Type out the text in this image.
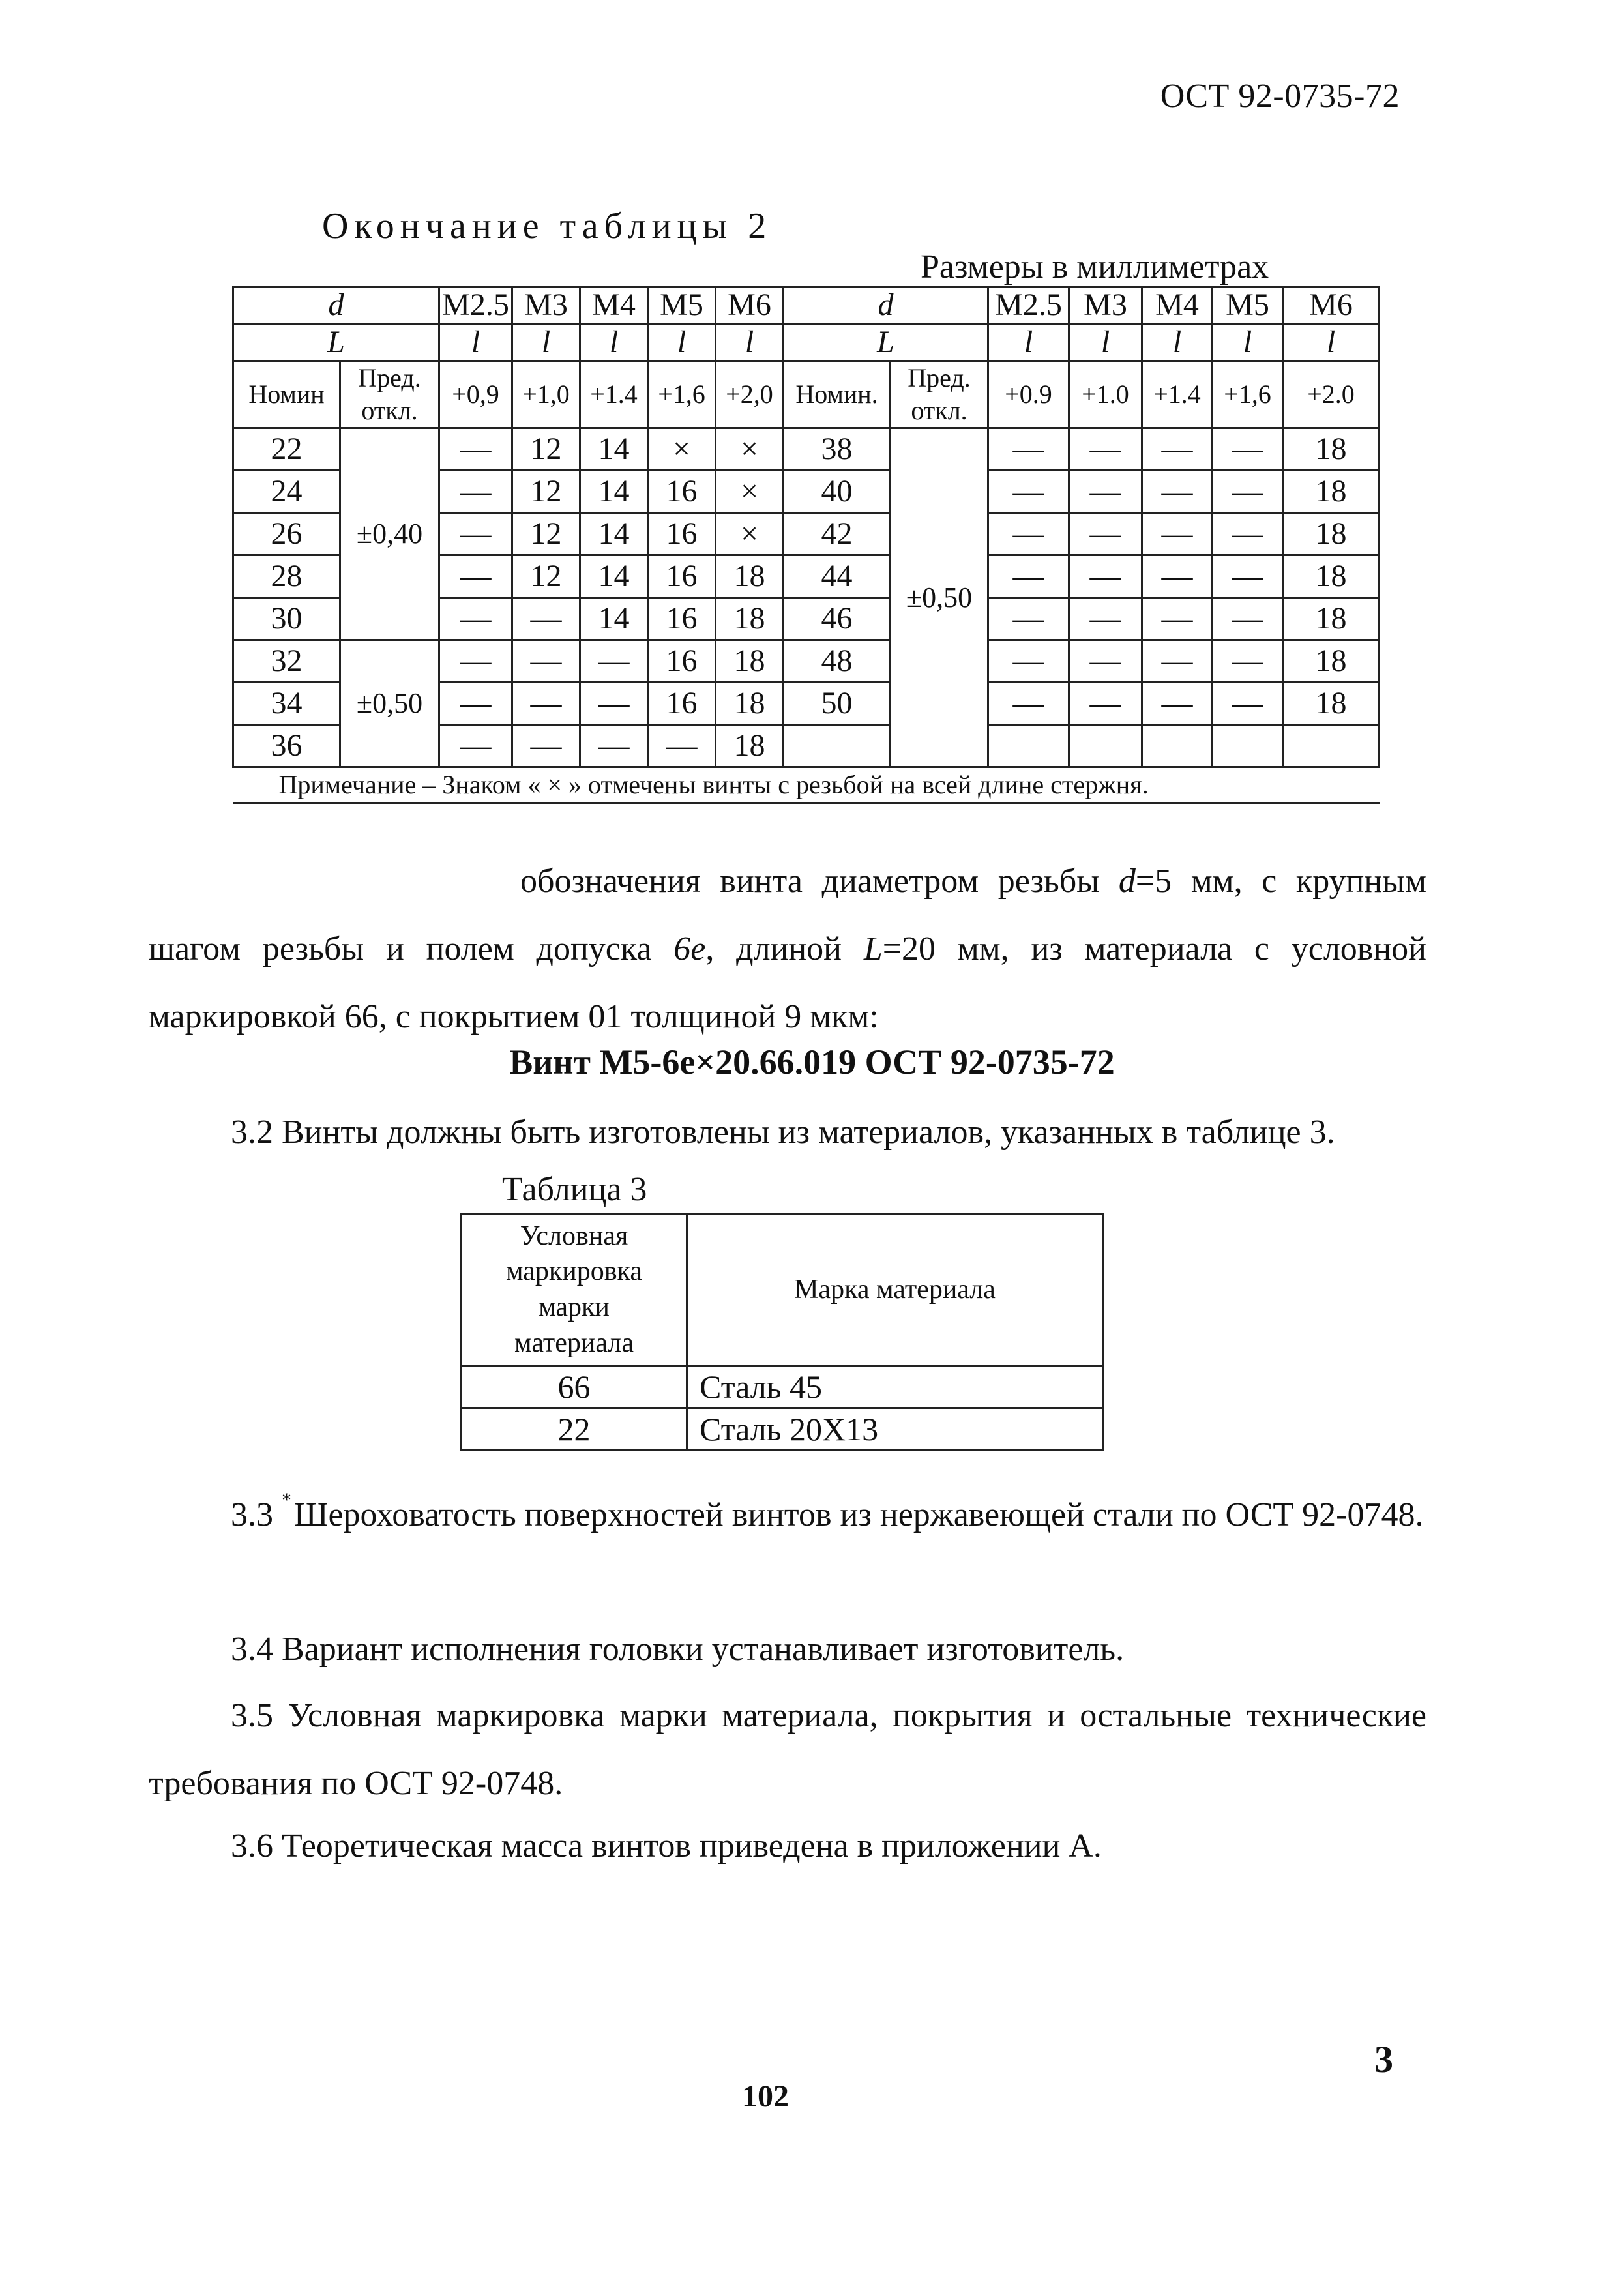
ОСТ 92-0735-72
Окончание таблицы 2
Размеры в миллиметрах
d		M2.5	M3	M4	M5	M6	d		M2.5	M3	M4	M5	M6
L		l	l	l	l	l	L		l	l	l	l	l
Номин	Пред. откл.	+0,9	+1,0	+1.4	+1,6	+2,0	Номин.	Пред. откл.	+0.9	+1.0	+1.4	+1,6	+2.0
22	±0,40	—	12	14	×	×	38	±0,50	—	—	—	—	18
24		—	12	14	16	×	40		—	—	—	—	18
26		—	12	14	16	×	42		—	—	—	—	18
28		—	12	14	16	18	44		—	—	—	—	18
30		—	—	14	16	18	46		—	—	—	—	18
32	±0,50	—	—	—	16	18	48		—	—	—	—	18
34		—	—	—	16	18	50		—	—	—	—	18
36		—	—	—	—	18							
Примечание – Знаком « × » отмечены винты с резьбой на всей длине стержня.													
обоз‌начения винта диаметром резьбы d=5 мм, с крупным шагом резьбы и полем допуска 6е, длиной L=20 мм, из материала с условной маркировкой 66, с покрытием 01 толщиной 9 мкм:
Винт М5-6е×20.66.019 ОСТ 92-0735-72
3.2 Винты должны быть изготовлены из материалов, указанных в таблице 3.
Таблица 3
Условная маркировка марки материала	Марка материала
66	Сталь 45
22	Сталь 20Х13
3.3 *Шероховатость поверхностей винтов из нержавеющей стали по ОСТ 92-0748.
3.4 Вариант исполнения головки устанавливает изготовитель.
3.5 Условная маркировка марки материала, покрытия и остальные технические требования по ОСТ 92-0748.
3.6 Теоретическая масса винтов приведена в приложении А.
3
102
